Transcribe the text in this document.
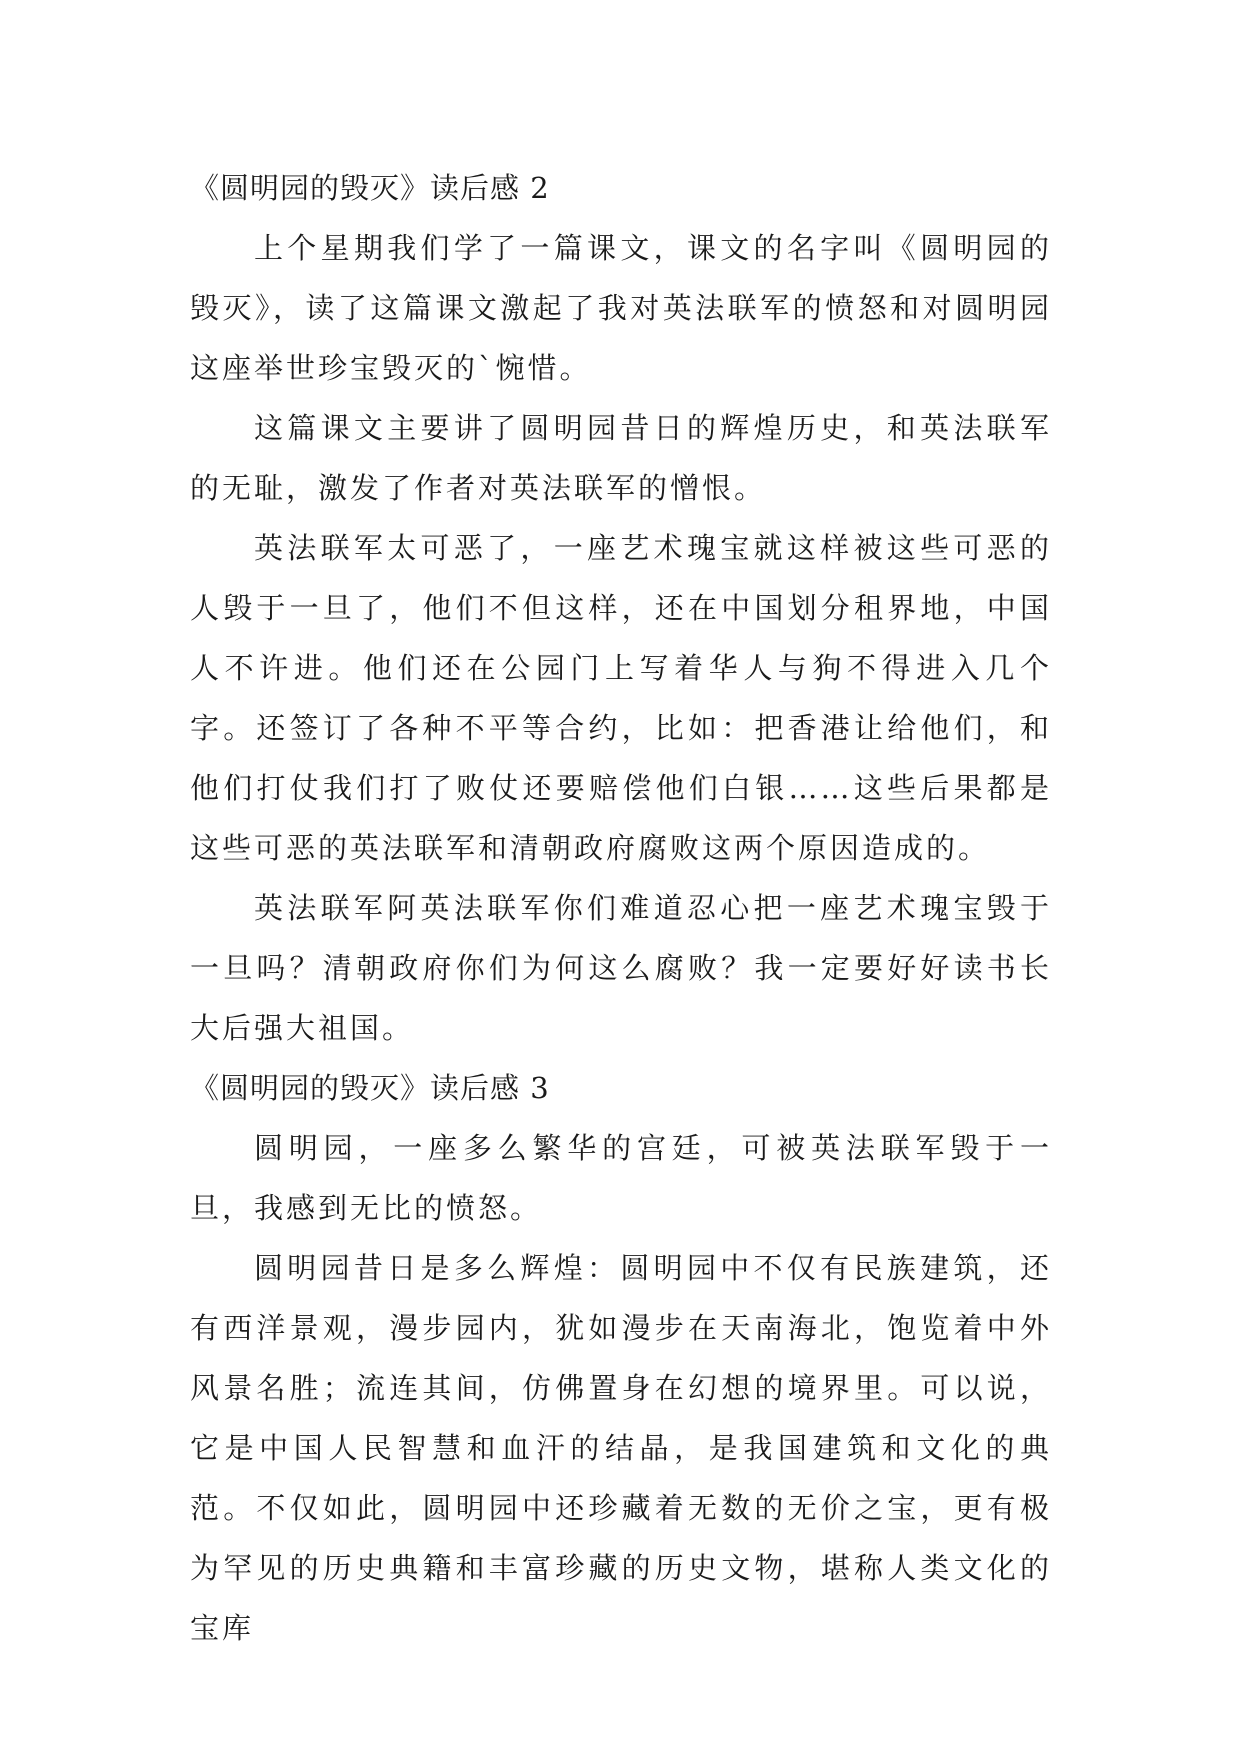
《圆明园的毁灭》读后感 2

上个星期我们学了一篇课文，课文的名字叫《圆明园的毁灭》，读了这篇课文激起了我对英法联军的愤怒和对圆明园这座举世珍宝毁灭的`惋惜。

这篇课文主要讲了圆明园昔日的辉煌历史，和英法联军的无耻，激发了作者对英法联军的憎恨。

英法联军太可恶了，一座艺术瑰宝就这样被这些可恶的人毁于一旦了，他们不但这样，还在中国划分租界地，中国人不许进。他们还在公园门上写着华人与狗不得进入几个字。还签订了各种不平等合约，比如：把香港让给他们，和他们打仗我们打了败仗还要赔偿他们白银……这些后果都是这些可恶的英法联军和清朝政府腐败这两个原因造成的。

英法联军阿英法联军你们难道忍心把一座艺术瑰宝毁于一旦吗？清朝政府你们为何这么腐败？我一定要好好读书长大后强大祖国。

《圆明园的毁灭》读后感 3

圆明园，一座多么繁华的宫廷，可被英法联军毁于一旦，我感到无比的愤怒。

圆明园昔日是多么辉煌：圆明园中不仅有民族建筑，还有西洋景观，漫步园内，犹如漫步在天南海北，饱览着中外风景名胜；流连其间，仿佛置身在幻想的境界里。可以说，它是中国人民智慧和血汗的结晶，是我国建筑和文化的典范。不仅如此，圆明园中还珍藏着无数的无价之宝，更有极为罕见的历史典籍和丰富珍藏的历史文物，堪称人类文化的宝库
